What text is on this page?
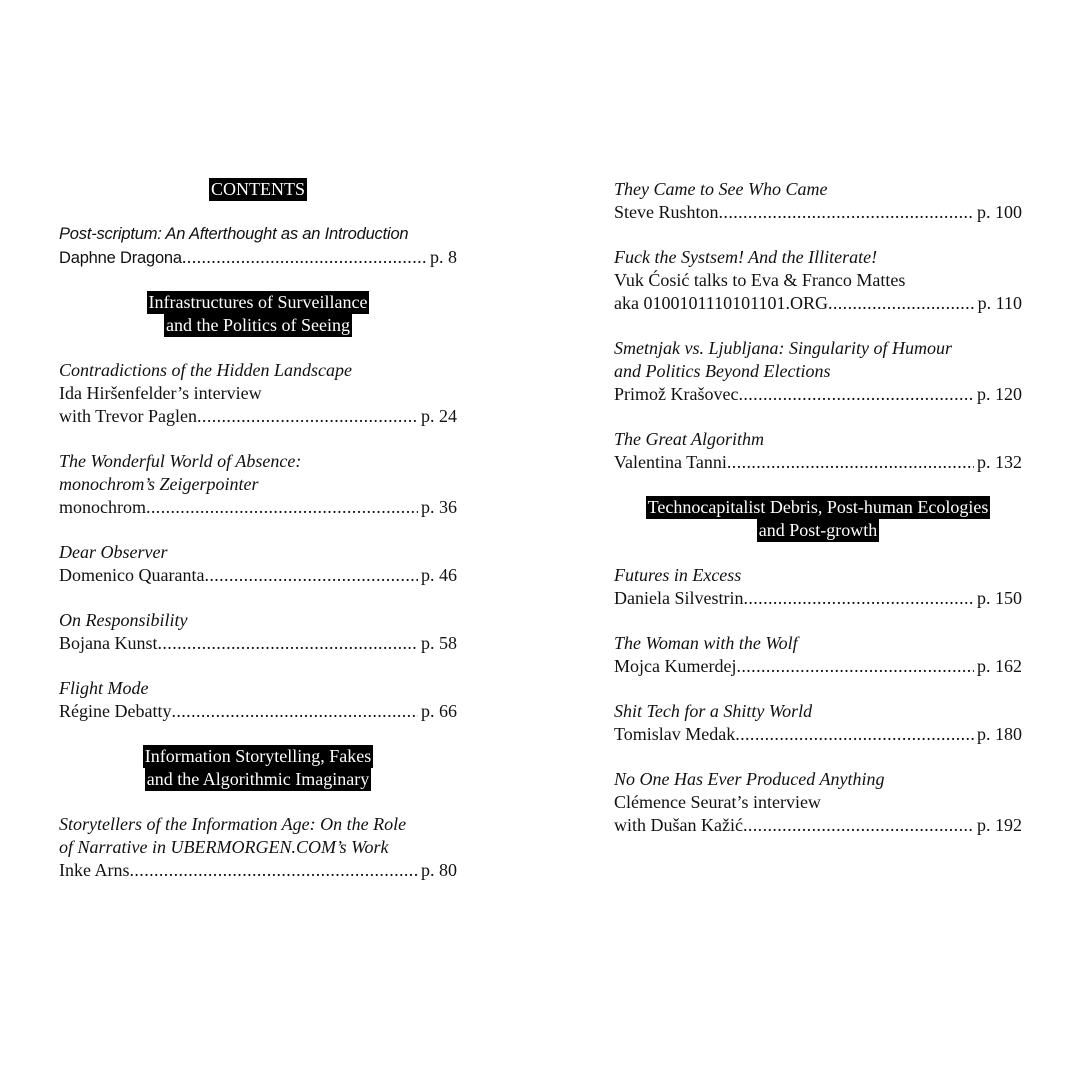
CONTENTS
Post-scriptum: An Afterthought as an Introduction
Daphne Dragona .....	p. 8
Infrastructures of Surveillance
and the Politics of Seeing
Contradictions of the Hidden Landscape
Ida Hiršenfelder’s interview
with Trevor Paglen .....	p. 24
The Wonderful World of Absence:
monochrom’s Zeigerpointer
monochrom .....	p. 36
Dear Observer
Domenico Quaranta .....	p. 46
On Responsibility
Bojana Kunst .....	p. 58
Flight Mode
Régine Debatty .....	p. 66
Information Storytelling, Fakes
and the Algorithmic Imaginary
Storytellers of the Information Age: On the Role
of Narrative in UBERMORGEN.COM’s Work
Inke Arns .....	p. 80
They Came to See Who Came
Steve Rushton .....	p. 100
Fuck the Systsem! And the Illiterate!
Vuk Ćosić talks to Eva & Franco Mattes
aka 0100101110101101.ORG .....	p. 110
Smetnjak vs. Ljubljana: Singularity of Humour
and Politics Beyond Elections
Primož Krašovec .....	p. 120
The Great Algorithm
Valentina Tanni .....	p. 132
Technocapitalist Debris, Post-human Ecologies
and Post-growth
Futures in Excess
Daniela Silvestrin .....	p. 150
The Woman with the Wolf
Mojca Kumerdej .....	p. 162
Shit Tech for a Shitty World
Tomislav Medak .....	p. 180
No One Has Ever Produced Anything
Clémence Seurat’s interview
with Dušan Kažić .....	p. 192
